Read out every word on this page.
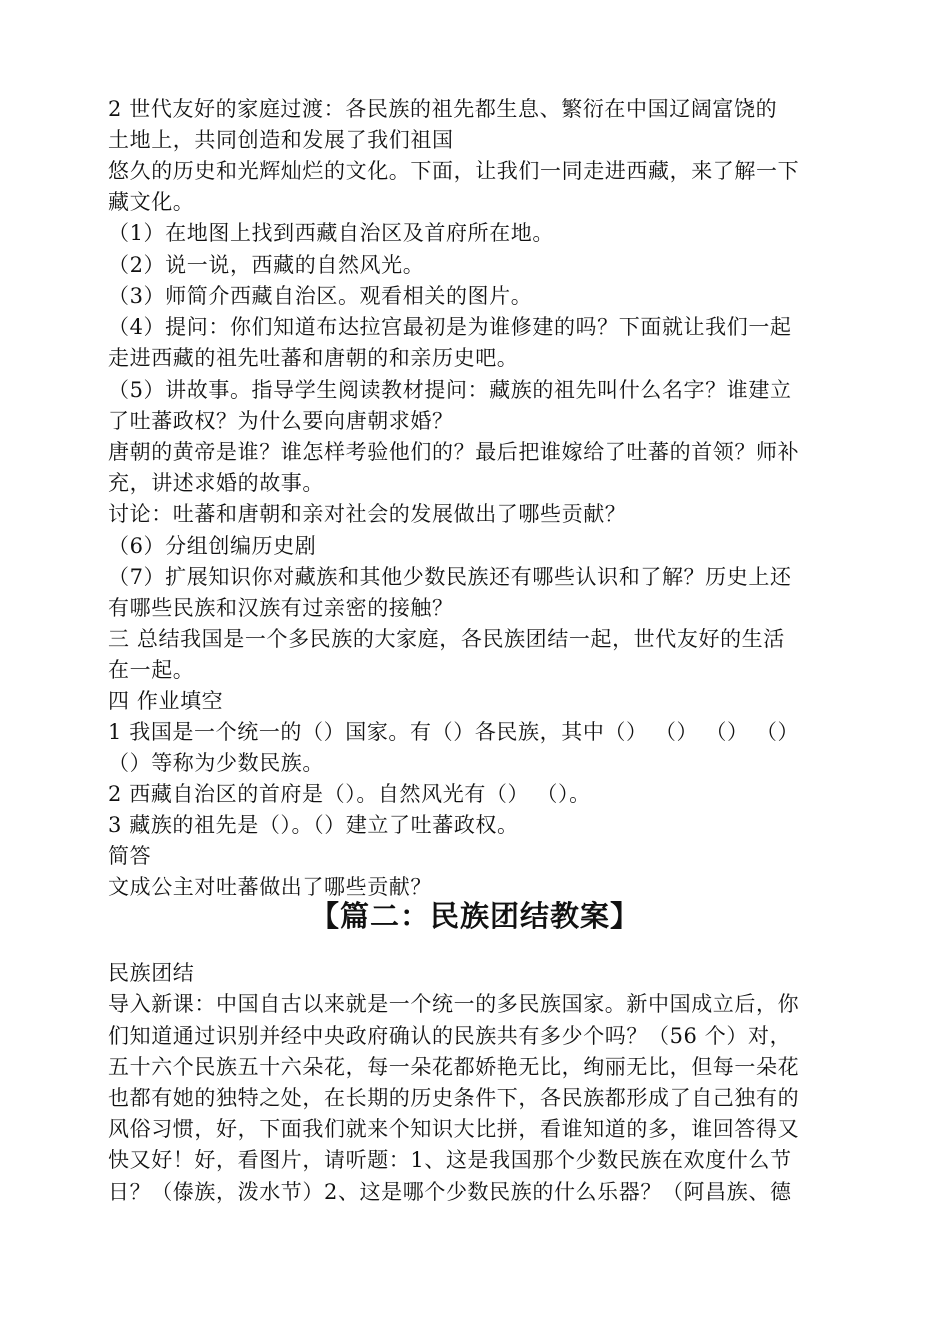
2 世代友好的家庭过渡：各民族的祖先都生息、繁衍在中国辽阔富饶的

土地上，共同创造和发展了我们祖国

悠久的历史和光辉灿烂的文化。下面，让我们一同走进西藏，来了解一下

藏文化。

（1）在地图上找到西藏自治区及首府所在地。

（2）说一说，西藏的自然风光。

（3）师简介西藏自治区。观看相关的图片。

（4）提问：你们知道布达拉宫最初是为谁修建的吗？下面就让我们一起

走进西藏的祖先吐蕃和唐朝的和亲历史吧。

（5）讲故事。指导学生阅读教材提问：藏族的祖先叫什么名字？谁建立

了吐蕃政权？为什么要向唐朝求婚？

唐朝的黄帝是谁？谁怎样考验他们的？最后把谁嫁给了吐蕃的首领？师补

充，讲述求婚的故事。

讨论：吐蕃和唐朝和亲对社会的发展做出了哪些贡献？

（6）分组创编历史剧

（7）扩展知识你对藏族和其他少数民族还有哪些认识和了解？历史上还

有哪些民族和汉族有过亲密的接触？

三 总结我国是一个多民族的大家庭，各民族团结一起，世代友好的生活

在一起。

四 作业填空

1 我国是一个统一的（）国家。有（）各民族，其中（） （） （） （）

（）等称为少数民族。

2 西藏自治区的首府是（）。自然风光有（） （）。

3 藏族的祖先是（）。（）建立了吐蕃政权。

简答

文成公主对吐蕃做出了哪些贡献？

【篇二：民族团结教案】

民族团结

导入新课：中国自古以来就是一个统一的多民族国家。新中国成立后，你

们知道通过识别并经中央政府确认的民族共有多少个吗？（56 个）对，

五十六个民族五十六朵花，每一朵花都娇艳无比，绚丽无比，但每一朵花

也都有她的独特之处，在长期的历史条件下，各民族都形成了自己独有的

风俗习惯，好，下面我们就来个知识大比拼，看谁知道的多，谁回答得又

快又好！好，看图片，请听题：1、这是我国那个少数民族在欢度什么节

日？（傣族，泼水节）2、这是哪个少数民族的什么乐器？（阿昌族、德
